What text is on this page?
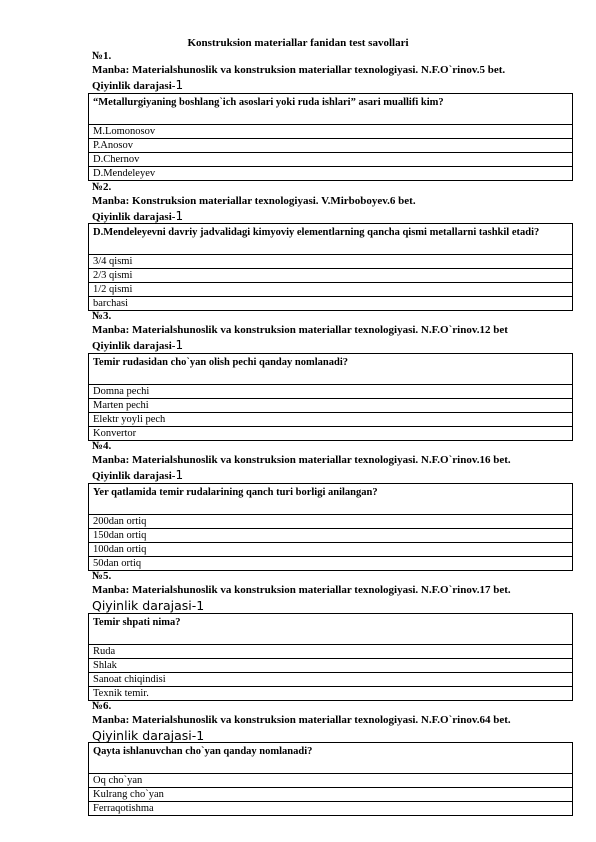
Konstruksion materiallar fanidan test savollari
№1.
Manba: Materialshunoslik va konstruksion materiallar texnologiyasi. N.F.O`rinov.5 bet.
Qiyinlik darajasi-1
“Metallurgiyaning boshlang`ich asoslari yoki ruda ishlari” asari muallifi kim?
M.Lomonosov
P.Anosov
D.Chernov
D.Mendeleyev
№2.
Manba: Konstruksion materiallar texnologiyasi. V.Mirboboyev.6 bet.
Qiyinlik darajasi-1
D.Mendeleyevni davriy jadvalidagi kimyoviy elementlarning qancha qismi metallarni tashkil etadi?
3/4 qismi
2/3 qismi
1/2 qismi
barchasi
№3.
Manba: Materialshunoslik va konstruksion materiallar texnologiyasi. N.F.O`rinov.12 bet
Qiyinlik darajasi-1
Temir rudasidan cho`yan olish pechi qanday nomlanadi?
Domna pechi
Marten pechi
Elektr yoyli pech
Konvertor
№4.
Manba: Materialshunoslik va konstruksion materiallar texnologiyasi. N.F.O`rinov.16 bet.
Qiyinlik darajasi-1
Yer qatlamida temir rudalarining qanch turi borligi anilangan?
200dan ortiq
150dan ortiq
100dan ortiq
50dan ortiq
№5.
Manba: Materialshunoslik va konstruksion materiallar texnologiyasi. N.F.O`rinov.17 bet.
Qiyinlik darajasi-1
Temir shpati nima?
Ruda
Shlak
Sanoat chiqindisi
Texnik temir.
№6.
Manba: Materialshunoslik va konstruksion materiallar texnologiyasi. N.F.O`rinov.64 bet.
Qiyinlik darajasi-1
Qayta ishlanuvchan cho`yan qanday nomlanadi?
Oq cho`yan
Kulrang cho`yan
Ferraqotishma
